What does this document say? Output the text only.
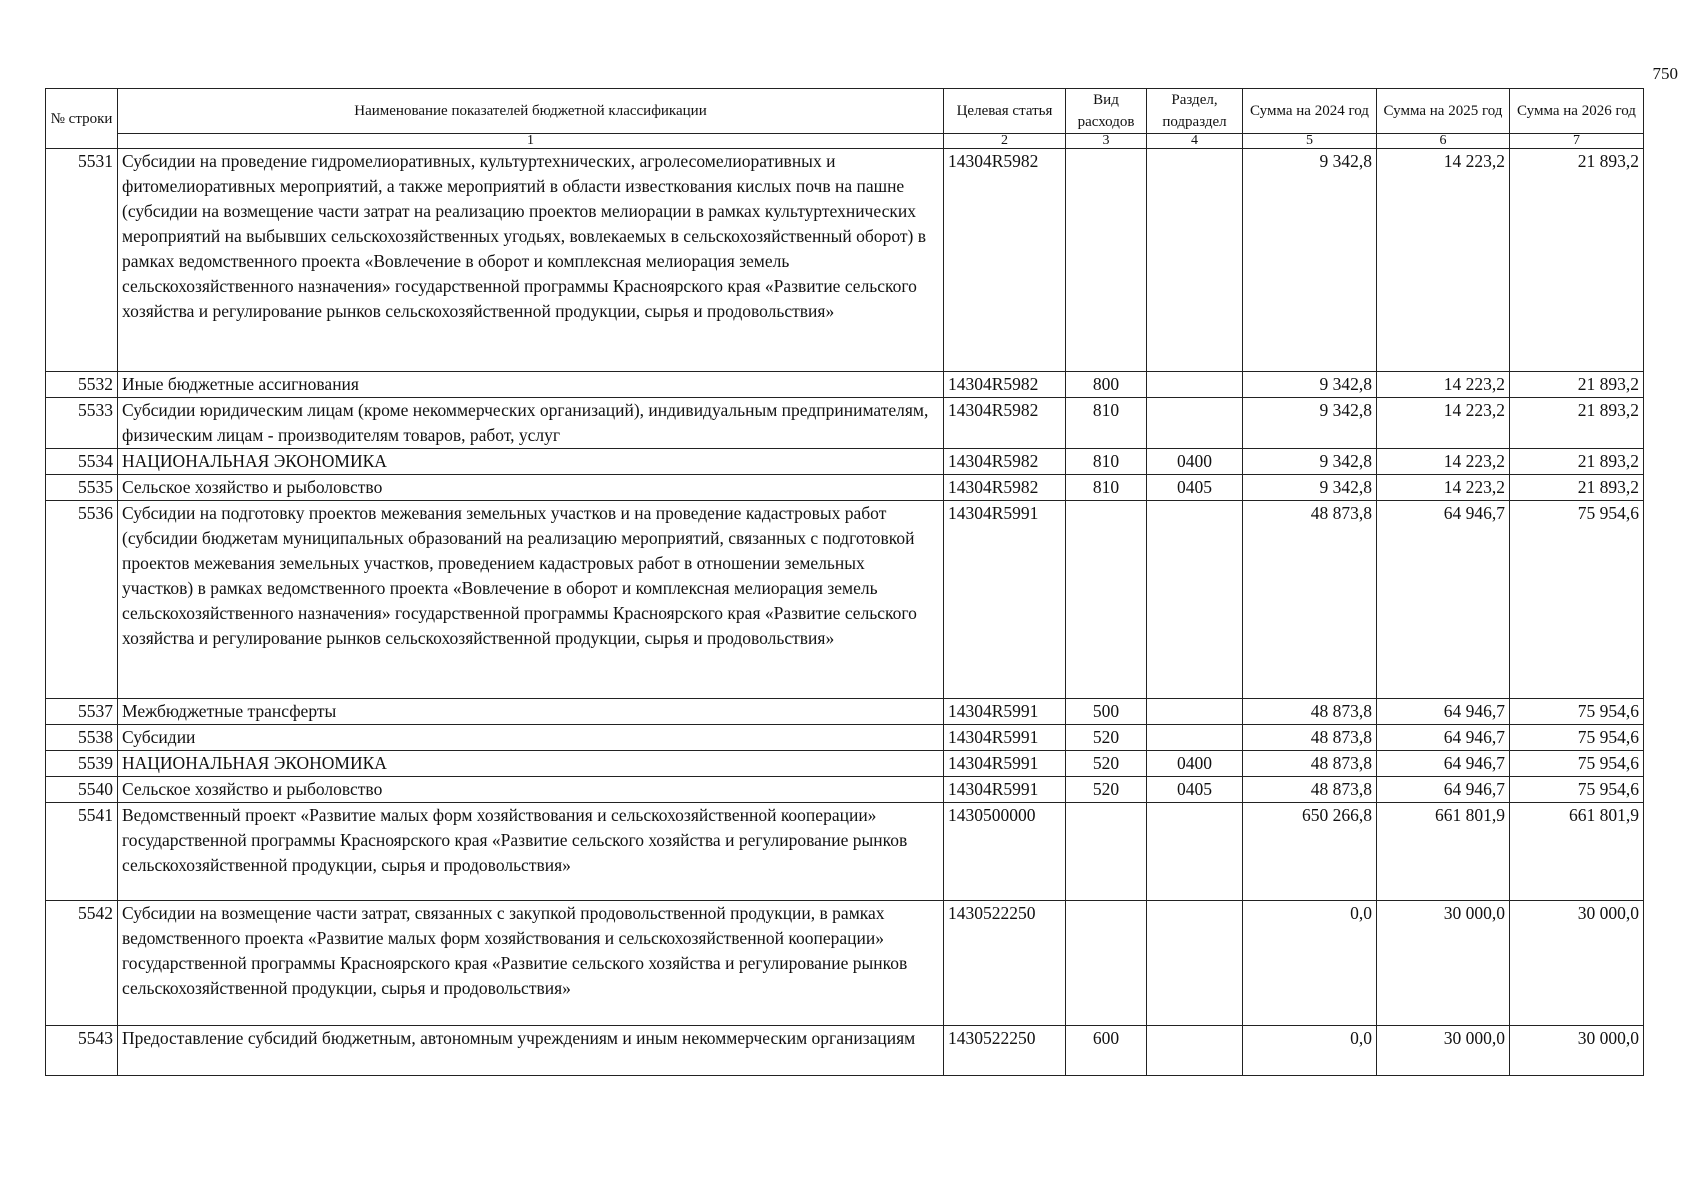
750
№ строки	Наименование показателей бюджетной классификации	Целевая статья	Вид расходов	Раздел, подраздел	Сумма на 2024 год	Сумма на 2025 год	Сумма на 2026 год
	1	2	3	4	5	6	7
5531	Субсидии на проведение гидромелиоративных, культуртехнических, агролесомелиоративных и фитомелиоративных мероприятий, а также мероприятий в области известкования кислых почв на пашне (субсидии на возмещение части затрат на реализацию проектов мелиорации в рамках культуртехнических мероприятий на выбывших сельскохозяйственных угодьях, вовлекаемых в сельскохозяйственный оборот) в рамках ведомственного проекта «Вовлечение в оборот и комплексная мелиорация земель сельскохозяйственного назначения» государственной программы Красноярского края «Развитие сельского хозяйства и регулирование рынков сельскохозяйственной продукции, сырья и продовольствия»	14304R5982			9 342,8	14 223,2	21 893,2
5532	Иные бюджетные ассигнования	14304R5982	800		9 342,8	14 223,2	21 893,2
5533	Субсидии юридическим лицам (кроме некоммерческих организаций), индивидуальным предпринимателям, физическим лицам - производителям товаров, работ, услуг	14304R5982	810		9 342,8	14 223,2	21 893,2
5534	НАЦИОНАЛЬНАЯ ЭКОНОМИКА	14304R5982	810	0400	9 342,8	14 223,2	21 893,2
5535	Сельское хозяйство и рыболовство	14304R5982	810	0405	9 342,8	14 223,2	21 893,2
5536	Субсидии на подготовку проектов межевания земельных участков и на проведение кадастровых работ (субсидии бюджетам муниципальных образований на реализацию мероприятий, связанных с подготовкой проектов межевания земельных участков, проведением кадастровых работ в отношении земельных участков) в рамках ведомственного проекта «Вовлечение в оборот и комплексная мелиорация земель сельскохозяйственного назначения» государственной программы Красноярского края «Развитие сельского хозяйства и регулирование рынков сельскохозяйственной продукции, сырья и продовольствия»	14304R5991			48 873,8	64 946,7	75 954,6
5537	Межбюджетные трансферты	14304R5991	500		48 873,8	64 946,7	75 954,6
5538	Субсидии	14304R5991	520		48 873,8	64 946,7	75 954,6
5539	НАЦИОНАЛЬНАЯ ЭКОНОМИКА	14304R5991	520	0400	48 873,8	64 946,7	75 954,6
5540	Сельское хозяйство и рыболовство	14304R5991	520	0405	48 873,8	64 946,7	75 954,6
5541	Ведомственный проект «Развитие малых форм хозяйствования и сельскохозяйственной кооперации» государственной программы Красноярского края «Развитие сельского хозяйства и регулирование рынков сельскохозяйственной продукции, сырья и продовольствия»	1430500000			650 266,8	661 801,9	661 801,9
5542	Субсидии на возмещение части затрат, связанных с закупкой продовольственной продукции, в рамках ведомственного проекта «Развитие малых форм хозяйствования и сельскохозяйственной кооперации» государственной программы Красноярского края «Развитие сельского хозяйства и регулирование рынков сельскохозяйственной продукции, сырья и продовольствия»	1430522250			0,0	30 000,0	30 000,0
5543	Предоставление субсидий бюджетным, автономным учреждениям и иным некоммерческим организациям	1430522250	600		0,0	30 000,0	30 000,0
